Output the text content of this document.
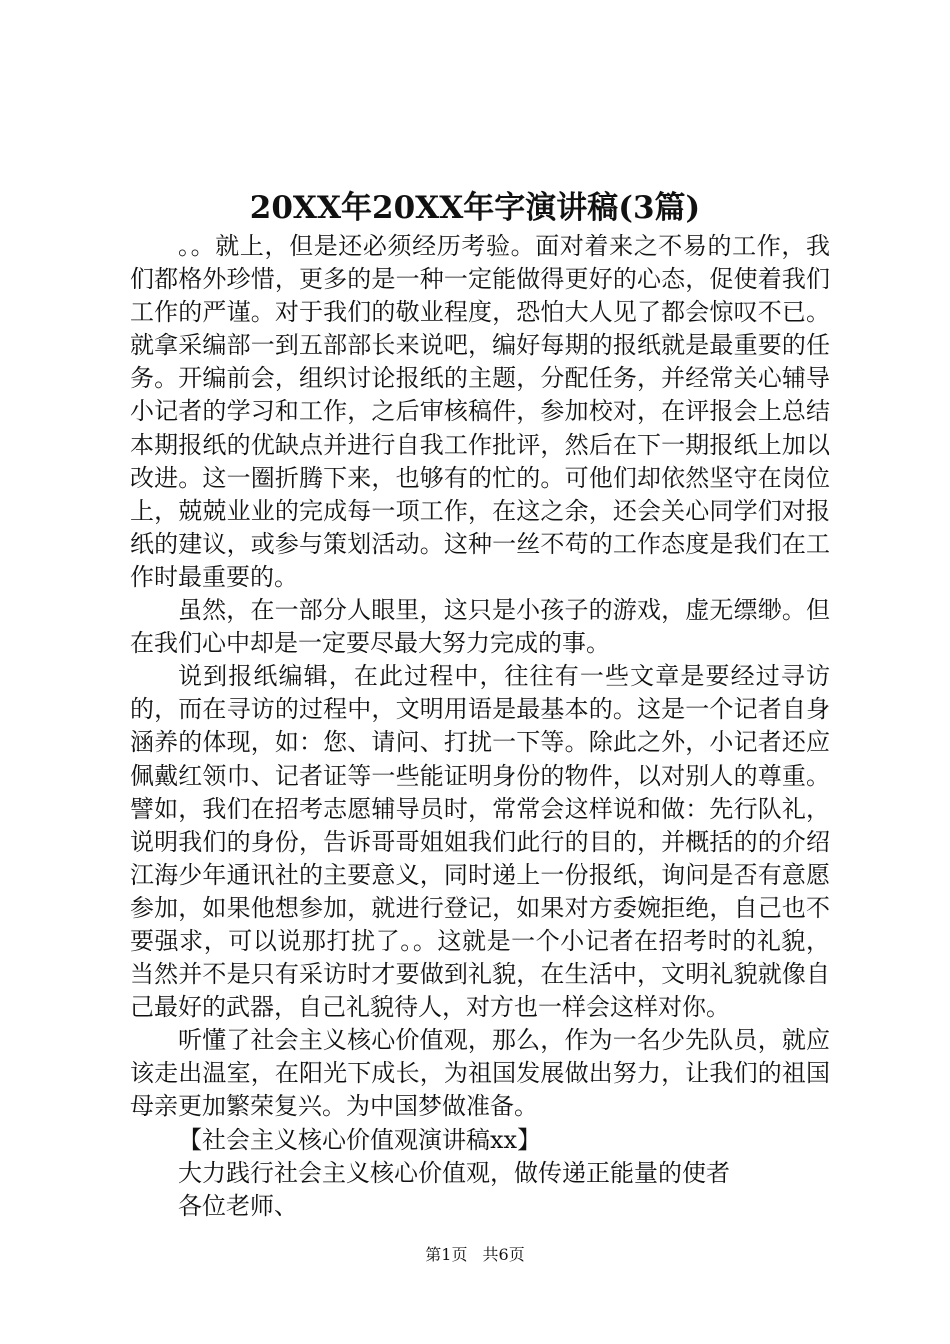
20XX年20XX年字演讲稿(3篇)

。。就上，但是还必须经历考验。面对着来之不易的工作，我们都格外珍惜，更多的是一种一定能做得更好的心态，促使着我们工作的严谨。对于我们的敬业程度，恐怕大人见了都会惊叹不已。就拿采编部一到五部部长来说吧，编好每期的报纸就是最重要的任务。开编前会，组织讨论报纸的主题，分配任务，并经常关心辅导小记者的学习和工作，之后审核稿件，参加校对，在评报会上总结本期报纸的优缺点并进行自我工作批评，然后在下一期报纸上加以改进。这一圈折腾下来，也够有的忙的。可他们却依然坚守在岗位上，兢兢业业的完成每一项工作，在这之余，还会关心同学们对报纸的建议，或参与策划活动。这种一丝不苟的工作态度是我们在工作时最重要的。

虽然，在一部分人眼里，这只是小孩子的游戏，虚无缥缈。但在我们心中却是一定要尽最大努力完成的事。

说到报纸编辑，在此过程中，往往有一些文章是要经过寻访的，而在寻访的过程中，文明用语是最基本的。这是一个记者自身涵养的体现，如：您、请问、打扰一下等。除此之外，小记者还应佩戴红领巾、记者证等一些能证明身份的物件，以对别人的尊重。譬如，我们在招考志愿辅导员时，常常会这样说和做：先行队礼，说明我们的身份，告诉哥哥姐姐我们此行的目的，并概括的的介绍江海少年通讯社的主要意义，同时递上一份报纸，询问是否有意愿参加，如果他想参加，就进行登记，如果对方委婉拒绝，自己也不要强求，可以说那打扰了。。这就是一个小记者在招考时的礼貌，当然并不是只有采访时才要做到礼貌，在生活中，文明礼貌就像自己最好的武器，自己礼貌待人，对方也一样会这样对你。

听懂了社会主义核心价值观，那么，作为一名少先队员，就应该走出温室，在阳光下成长，为祖国发展做出努力，让我们的祖国母亲更加繁荣复兴。为中国梦做准备。

【社会主义核心价值观演讲稿xx】

大力践行社会主义核心价值观，做传递正能量的使者

各位老师、

第1页 共6页
